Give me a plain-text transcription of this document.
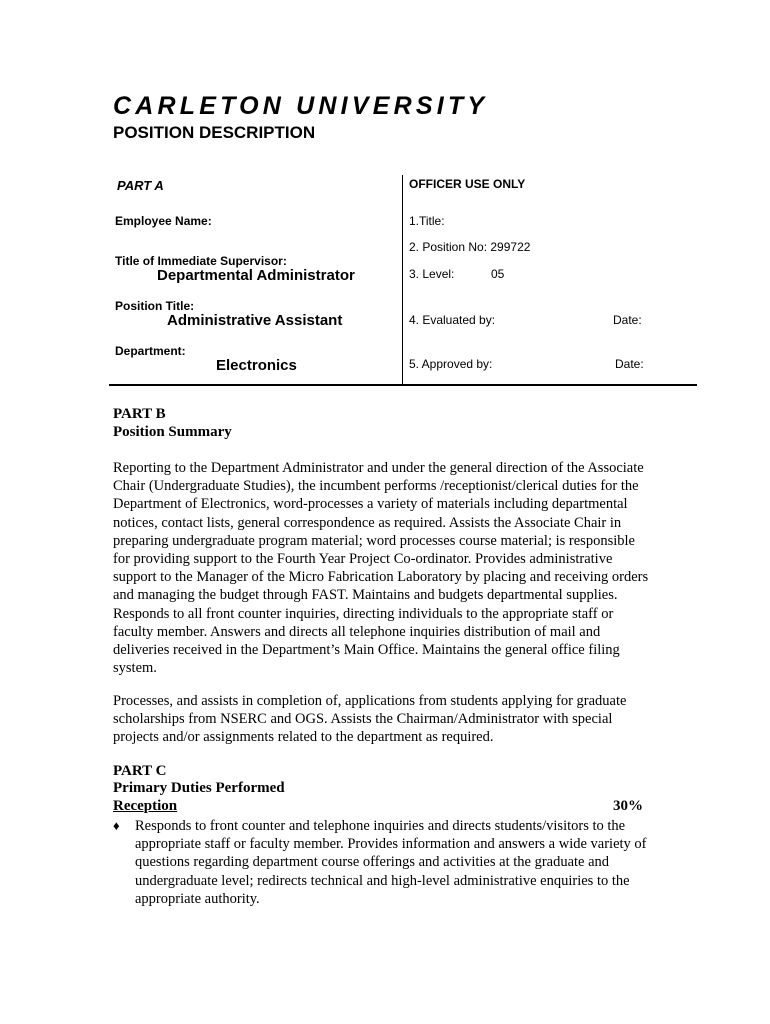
CARLETON UNIVERSITY
POSITION DESCRIPTION
PART A
Employee Name:
Title of Immediate Supervisor:
Departmental Administrator
Position Title:
Administrative Assistant
Department:
Electronics
OFFICER USE ONLY
1.Title:
2. Position No: 299722
3. Level:	05
4. Evaluated by:	Date:
5. Approved by:	Date:
PART B
Position Summary

Reporting to the Department Administrator and under the general direction of the Associate Chair (Undergraduate Studies), the incumbent performs /receptionist/clerical duties for the Department of Electronics, word-processes a variety of materials including departmental notices, contact lists, general correspondence as required. Assists the Associate Chair in preparing undergraduate program material; word processes course material; is responsible for providing support to the Fourth Year Project Co-ordinator. Provides administrative support to the Manager of the Micro Fabrication Laboratory by placing and receiving orders and managing the budget through FAST. Maintains and budgets departmental supplies. Responds to all front counter inquiries, directing individuals to the appropriate staff or faculty member. Answers and directs all telephone inquiries distribution of mail and deliveries received in the Department’s Main Office. Maintains the general office filing system.

Processes, and assists in completion of, applications from students applying for graduate scholarships from NSERC and OGS. Assists the Chairman/Administrator with special projects and/or assignments related to the department as required.

PART C
Primary Duties Performed
Reception	30%
♦ Responds to front counter and telephone inquiries and directs students/visitors to the appropriate staff or faculty member. Provides information and answers a wide variety of questions regarding department course offerings and activities at the graduate and undergraduate level; redirects technical and high-level administrative enquiries to the appropriate authority.
